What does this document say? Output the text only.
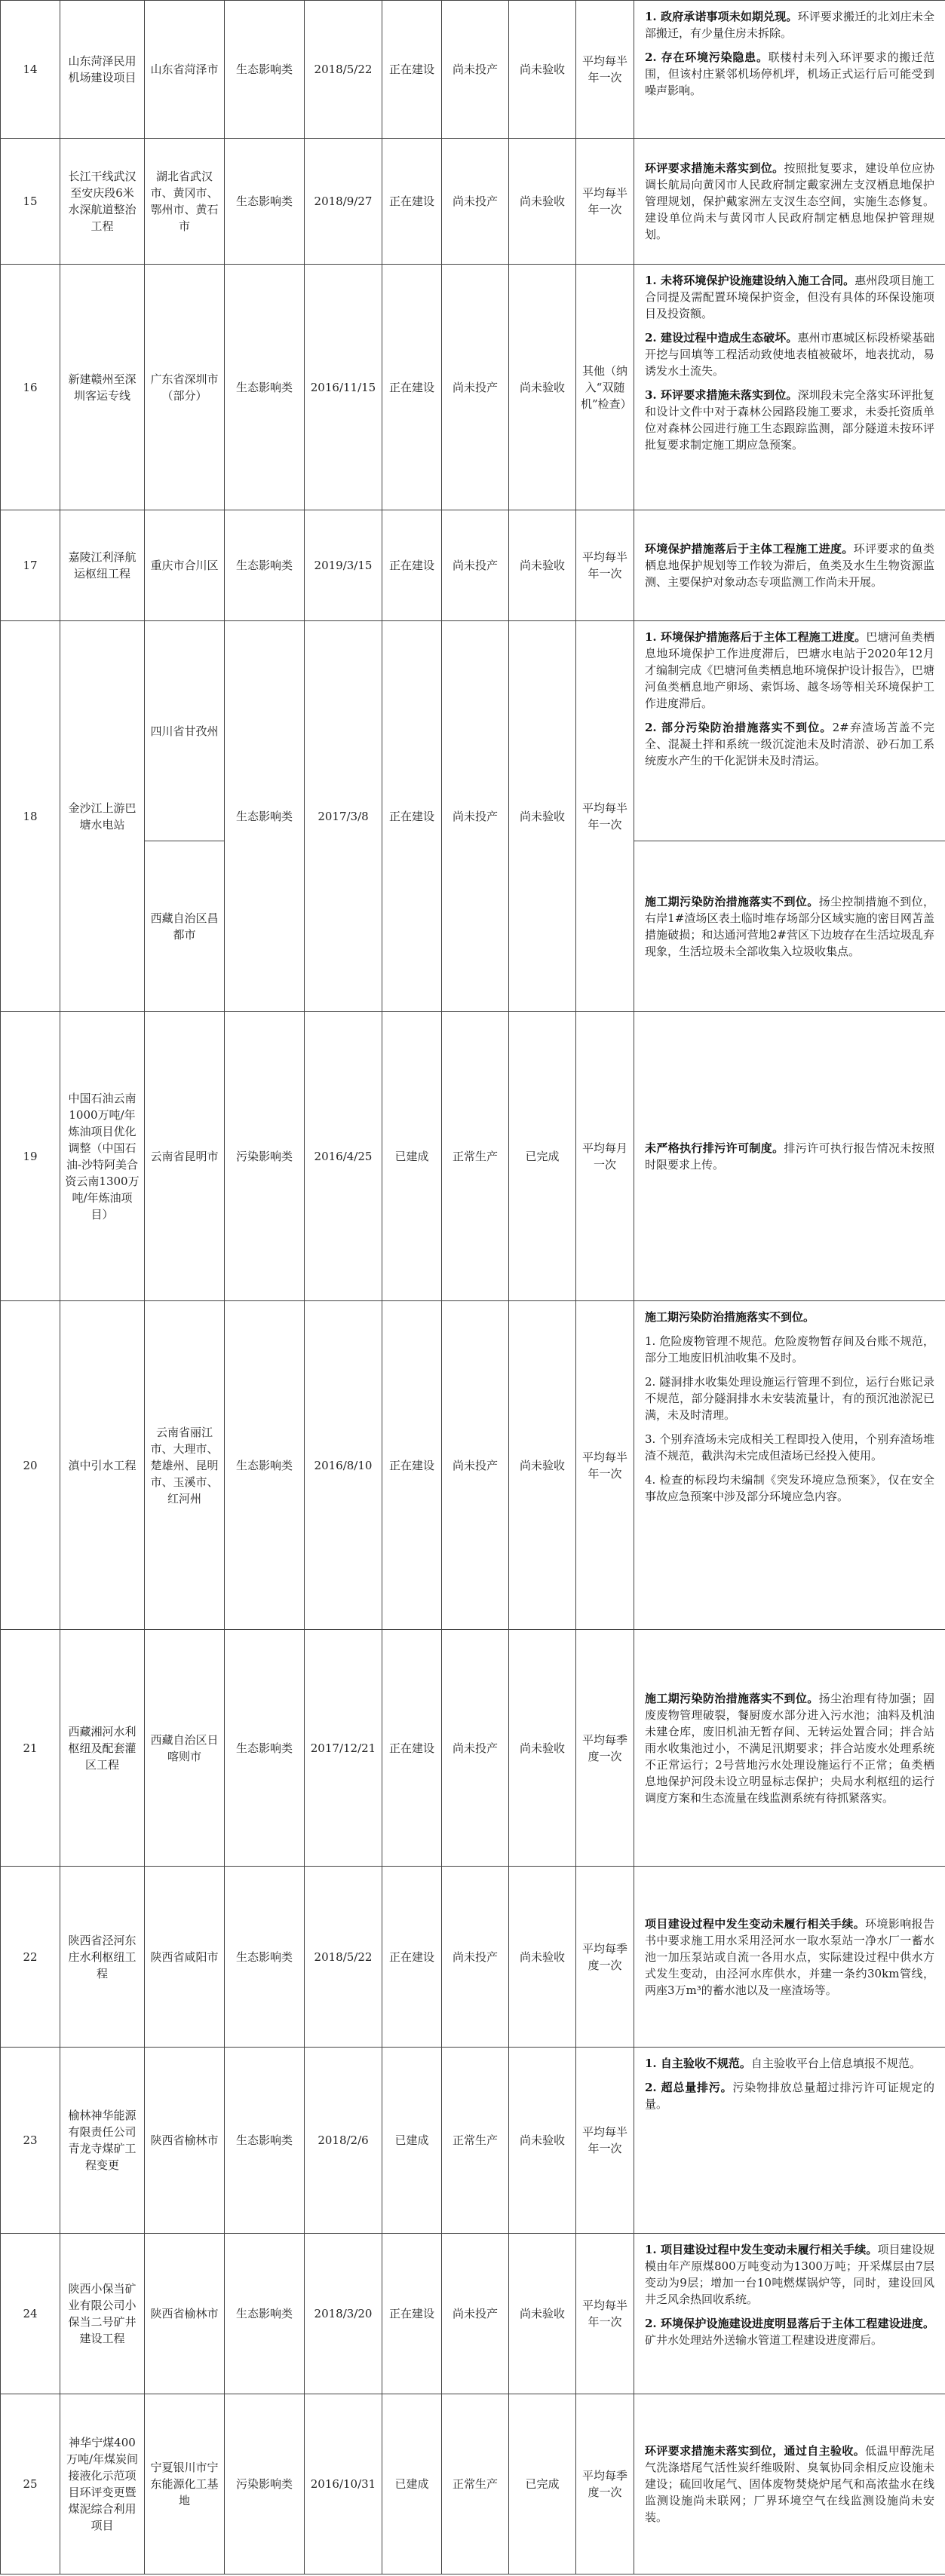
14	山东菏泽民用机场建设项目	山东省菏泽市	生态影响类	2018/5/22	正在建设	尚未投产	尚未验收	平均每半年一次	1. 政府承诺事项未如期兑现。环评要求搬迁的北刘庄未全部搬迁，有少量住房未拆除。
2. 存在环境污染隐患。联楼村未列入环评要求的搬迁范围，但该村庄紧邻机场停机坪，机场正式运行后可能受到噪声影响。

15	长江干线武汉至安庆段6米水深航道整治工程	湖北省武汉市、黄冈市、鄂州市、黄石市	生态影响类	2018/9/27	正在建设	尚未投产	尚未验收	平均每半年一次	环评要求措施未落实到位。按照批复要求，建设单位应协调长航局向黄冈市人民政府制定戴家洲左支汊栖息地保护管理规划，保护戴家洲左支汊生态空间，实施生态修复。建设单位尚未与黄冈市人民政府制定栖息地保护管理规划。

16	新建赣州至深圳客运专线	广东省深圳市（部分）	生态影响类	2016/11/15	正在建设	尚未投产	尚未验收	其他（纳入“双随机”检查）	1. 未将环境保护设施建设纳入施工合同。惠州段项目施工合同提及需配置环境保护资金，但没有具体的环保设施项目及投资额。
2. 建设过程中造成生态破坏。惠州市惠城区标段桥梁基础开挖与回填等工程活动致使地表植被破坏，地表扰动，易诱发水土流失。
3. 环评要求措施未落实到位。深圳段未完全落实环评批复和设计文件中对于森林公园路段施工要求，未委托资质单位对森林公园进行施工生态跟踪监测，部分隧道未按环评批复要求制定施工期应急预案。

17	嘉陵江利泽航运枢纽工程	重庆市合川区	生态影响类	2019/3/15	正在建设	尚未投产	尚未验收	平均每半年一次	环境保护措施落后于主体工程施工进度。环评要求的鱼类栖息地保护规划等工作较为滞后，鱼类及水生生物资源监测、主要保护对象动态专项监测工作尚未开展。

18	金沙江上游巴塘水电站	四川省甘孜州	生态影响类	2017/3/8	正在建设	尚未投产	尚未验收	平均每半年一次	1. 环境保护措施落后于主体工程施工进度。巴塘河鱼类栖息地环境保护工作进度滞后，巴塘水电站于2020年12月才编制完成《巴塘河鱼类栖息地环境保护设计报告》，巴塘河鱼类栖息地产卵场、索饵场、越冬场等相关环境保护工作进度滞后。
2. 部分污染防治措施落实不到位。2#弃渣场苫盖不完全、混凝土拌和系统一级沉淀池未及时清淤、砂石加工系统废水产生的干化泥饼未及时清运。

		西藏自治区昌都市							施工期污染防治措施落实不到位。扬尘控制措施不到位，右岸1#渣场区表土临时堆存场部分区域实施的密目网苫盖措施破损；和达通河营地2#营区下边坡存在生活垃圾乱弃现象，生活垃圾未全部收集入垃圾收集点。

19	中国石油云南1000万吨/年炼油项目优化调整（中国石油-沙特阿美合资云南1300万吨/年炼油项目）	云南省昆明市	污染影响类	2016/4/25	已建成	正常生产	已完成	平均每月一次	未严格执行排污许可制度。排污许可执行报告情况未按照时限要求上传。

20	滇中引水工程	云南省丽江市、大理市、楚雄州、昆明市、玉溪市、红河州	生态影响类	2016/8/10	正在建设	尚未投产	尚未验收	平均每半年一次	施工期污染防治措施落实不到位。
1. 危险废物管理不规范。危险废物暂存间及台账不规范，部分工地废旧机油收集不及时。
2. 隧洞排水收集处理设施运行管理不到位，运行台账记录不规范，部分隧洞排水未安装流量计，有的预沉池淤泥已满，未及时清理。
3. 个别弃渣场未完成相关工程即投入使用，个别弃渣场堆渣不规范，截洪沟未完成但渣场已经投入使用。
4. 检查的标段均未编制《突发环境应急预案》，仅在安全事故应急预案中涉及部分环境应急内容。

21	西藏湘河水利枢纽及配套灌区工程	西藏自治区日喀则市	生态影响类	2017/12/21	正在建设	尚未投产	尚未验收	平均每季度一次	施工期污染防治措施落实不到位。扬尘治理有待加强；固废废物管理破裂，餐厨废水部分进入污水池；油料及机油未建仓库，废旧机油无暂存间、无转运处置合同；拌合站雨水收集池过小，不满足汛期要求；拌合站废水处理系统不正常运行；2号营地污水处理设施运行不正常；鱼类栖息地保护河段未设立明显标志保护；央局水利枢纽的运行调度方案和生态流量在线监测系统有待抓紧落实。

22	陕西省泾河东庄水利枢纽工程	陕西省咸阳市	生态影响类	2018/5/22	正在建设	尚未投产	尚未验收	平均每季度一次	项目建设过程中发生变动未履行相关手续。环境影响报告书中要求施工用水采用泾河水一取水泵站一净水厂一蓄水池一加压泵站或自流一各用水点，实际建设过程中供水方式发生变动，由泾河水库供水，并建一条约30km管线，两座3万m³的蓄水池以及一座渣场等。

23	榆林神华能源有限责任公司青龙寺煤矿工程变更	陕西省榆林市	生态影响类	2018/2/6	已建成	正常生产	尚未验收	平均每半年一次	1. 自主验收不规范。自主验收平台上信息填报不规范。
2. 超总量排污。污染物排放总量超过排污许可证规定的量。

24	陕西小保当矿业有限公司小保当二号矿井建设工程	陕西省榆林市	生态影响类	2018/3/20	正在建设	尚未投产	尚未验收	平均每半年一次	1. 项目建设过程中发生变动未履行相关手续。项目建设规模由年产原煤800万吨变动为1300万吨；开采煤层由7层变动为9层；增加一台10吨燃煤锅炉等，同时，建设回风井乏风余热回收系统。
2. 环境保护设施建设进度明显落后于主体工程建设进度。矿井水处理站外送输水管道工程建设进度滞后。

25	神华宁煤400万吨/年煤炭间接液化示范项目环评变更暨煤泥综合利用项目	宁夏银川市宁东能源化工基地	污染影响类	2016/10/31	已建成	正常生产	已完成	平均每季度一次	环评要求措施未落实到位，通过自主验收。低温甲醇洗尾气洗涤塔尾气活性炭纤维吸附、臭氧协同余相反应设施未建设；硫回收尾气、固体废物焚烧炉尾气和高浓盐水在线监测设施尚未联网；厂界环境空气在线监测设施尚未安装。
